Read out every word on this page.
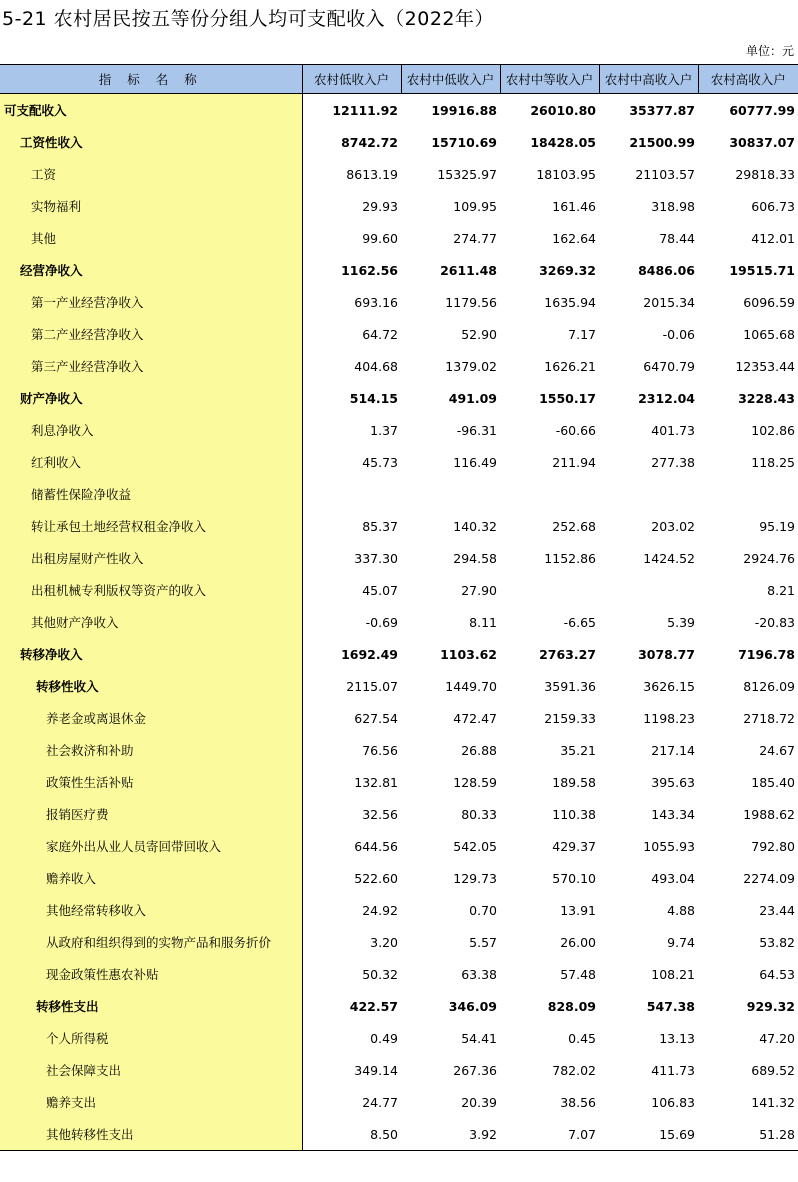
5-21 农村居民按五等份分组人均可支配收入（2022年）
单位：元
指 标 名 称	农村低收入户	农村中低收入户	农村中等收入户	农村中高收入户	农村高收入户
可支配收入	12111.92	19916.88	26010.80	35377.87	60777.99
工资性收入	8742.72	15710.69	18428.05	21500.99	30837.07
工资	8613.19	15325.97	18103.95	21103.57	29818.33
实物福利	29.93	109.95	161.46	318.98	606.73
其他	99.60	274.77	162.64	78.44	412.01
经营净收入	1162.56	2611.48	3269.32	8486.06	19515.71
第一产业经营净收入	693.16	1179.56	1635.94	2015.34	6096.59
第二产业经营净收入	64.72	52.90	7.17	-0.06	1065.68
第三产业经营净收入	404.68	1379.02	1626.21	6470.79	12353.44
财产净收入	514.15	491.09	1550.17	2312.04	3228.43
利息净收入	1.37	-96.31	-60.66	401.73	102.86
红利收入	45.73	116.49	211.94	277.38	118.25
储蓄性保险净收益					
转让承包土地经营权租金净收入	85.37	140.32	252.68	203.02	95.19
出租房屋财产性收入	337.30	294.58	1152.86	1424.52	2924.76
出租机械专利版权等资产的收入	45.07	27.90			8.21
其他财产净收入	-0.69	8.11	-6.65	5.39	-20.83
转移净收入	1692.49	1103.62	2763.27	3078.77	7196.78
转移性收入	2115.07	1449.70	3591.36	3626.15	8126.09
养老金或离退休金	627.54	472.47	2159.33	1198.23	2718.72
社会救济和补助	76.56	26.88	35.21	217.14	24.67
政策性生活补贴	132.81	128.59	189.58	395.63	185.40
报销医疗费	32.56	80.33	110.38	143.34	1988.62
家庭外出从业人员寄回带回收入	644.56	542.05	429.37	1055.93	792.80
赡养收入	522.60	129.73	570.10	493.04	2274.09
其他经常转移收入	24.92	0.70	13.91	4.88	23.44
从政府和组织得到的实物产品和服务折价	3.20	5.57	26.00	9.74	53.82
现金政策性惠农补贴	50.32	63.38	57.48	108.21	64.53
转移性支出	422.57	346.09	828.09	547.38	929.32
个人所得税	0.49	54.41	0.45	13.13	47.20
社会保障支出	349.14	267.36	782.02	411.73	689.52
赡养支出	24.77	20.39	38.56	106.83	141.32
其他转移性支出	8.50	3.92	7.07	15.69	51.28
